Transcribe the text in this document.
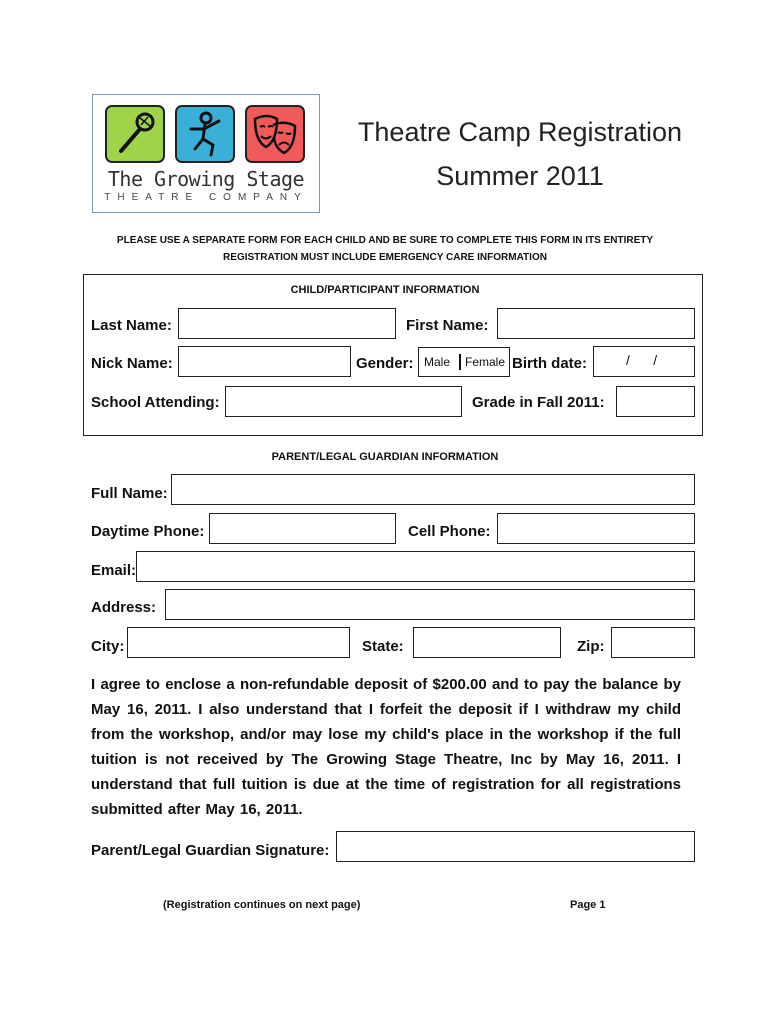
The Growing Stage
THEATRE COMPANY
Theatre Camp Registration
Summer 2011
PLEASE USE A SEPARATE FORM FOR EACH CHILD AND BE SURE TO COMPLETE THIS FORM IN ITS ENTIRETY
REGISTRATION MUST INCLUDE EMERGENCY CARE INFORMATION
CHILD/PARTICIPANT INFORMATION
Last Name:	First Name:
Nick Name:	Gender: Male Female Birth date:	/      /
School Attending:	Grade in Fall 2011:
PARENT/LEGAL GUARDIAN INFORMATION
Full Name:
Daytime Phone:	Cell Phone:
Email:
Address:
City:	State:	Zip:
I agree to enclose a non-refundable deposit of $200.00 and to pay the balance by May 16, 2011. I also understand that I forfeit the deposit if I withdraw my child from the workshop, and/or may lose my child's place in the workshop if the full tuition is not received by The Growing Stage Theatre, Inc by May 16, 2011. I understand that full tuition is due at the time of registration for all registrations submitted after May 16, 2011.
Parent/Legal Guardian Signature:
(Registration continues on next page)	Page 1
